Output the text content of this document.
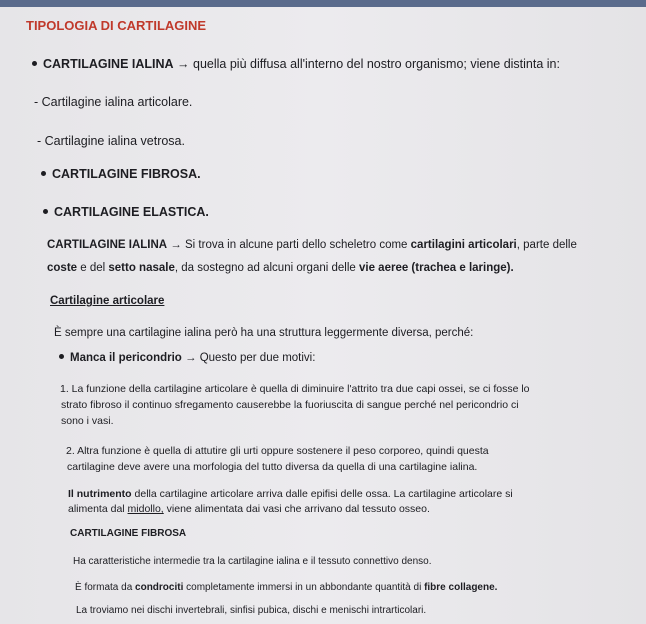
TIPOLOGIA DI CARTILAGINE
CARTILAGINE IALINA → quella più diffusa all'interno del nostro organismo; viene distinta in:
- Cartilagine ialina articolare.
- Cartilagine ialina vetrosa.
CARTILAGINE FIBROSA.
CARTILAGINE ELASTICA.
CARTILAGINE IALINA → Si trova in alcune parti dello scheletro come cartilagini articolari, parte delle
coste e del setto nasale, da sostegno ad alcuni organi delle vie aeree (trachea e laringe).
Cartilagine articolare
È sempre una cartilagine ialina però ha una struttura leggermente diversa, perché:
Manca il pericondrio → Questo per due motivi:
1. La funzione della cartilagine articolare è quella di diminuire l'attrito tra due capi ossei, se ci fosse lo
strato fibroso il continuo sfregamento causerebbe la fuoriuscita di sangue perché nel pericondrio ci
sono i vasi.
2. Altra funzione è quella di attutire gli urti oppure sostenere il peso corporeo, quindi questa
cartilagine deve avere una morfologia del tutto diversa da quella di una cartilagine ialina.
Il nutrimento della cartilagine articolare arriva dalle epifisi delle ossa. La cartilagine articolare si
alimenta dal midollo, viene alimentata dai vasi che arrivano dal tessuto osseo.
CARTILAGINE FIBROSA
Ha caratteristiche intermedie tra la cartilagine ialina e il tessuto connettivo denso.
È formata da condrociti completamente immersi in un abbondante quantità di fibre collagene.
La troviamo nei dischi invertebrali, sinfisi pubica, dischi e menischi intrarticolari.
